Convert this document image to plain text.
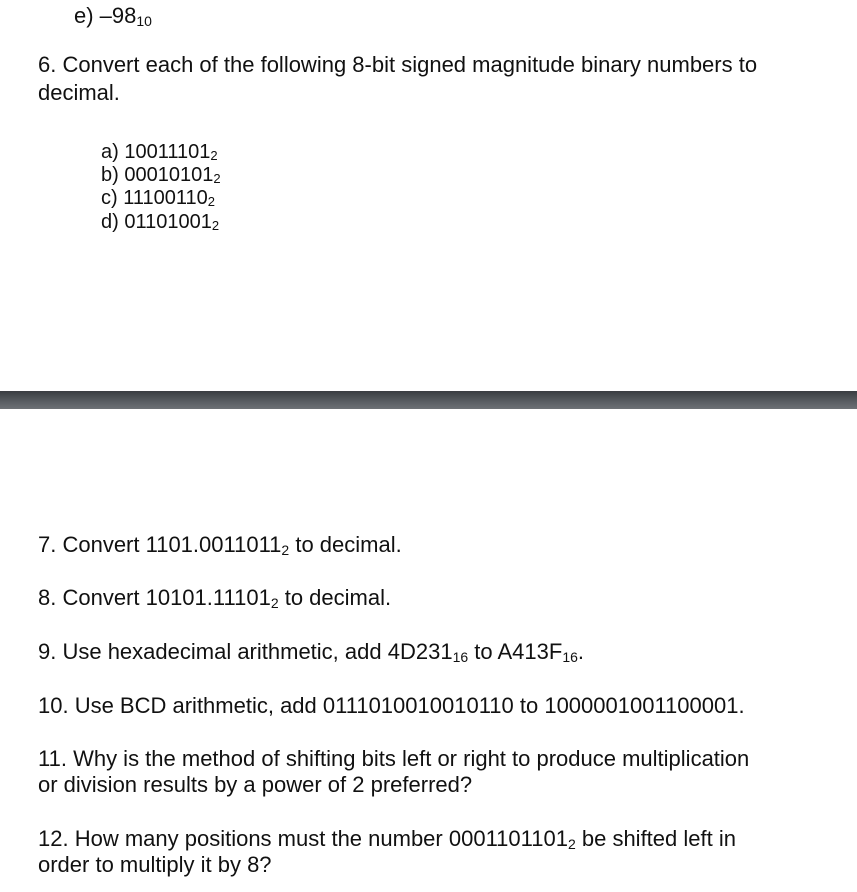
e) –9810
6. Convert each of the following 8-bit signed magnitude binary numbers to
decimal.
a) 100111012
b) 000101012
c) 111001102
d) 011010012
7. Convert 1101.00110112 to decimal.
8. Convert 10101.111012 to decimal.
9. Use hexadecimal arithmetic, add 4D23116 to A413F16.
10. Use BCD arithmetic, add 0111010010010110 to 1000001001100001.
11. Why is the method of shifting bits left or right to produce multiplication
or division results by a power of 2 preferred?
12. How many positions must the number 00011011012 be shifted left in
order to multiply it by 8?
